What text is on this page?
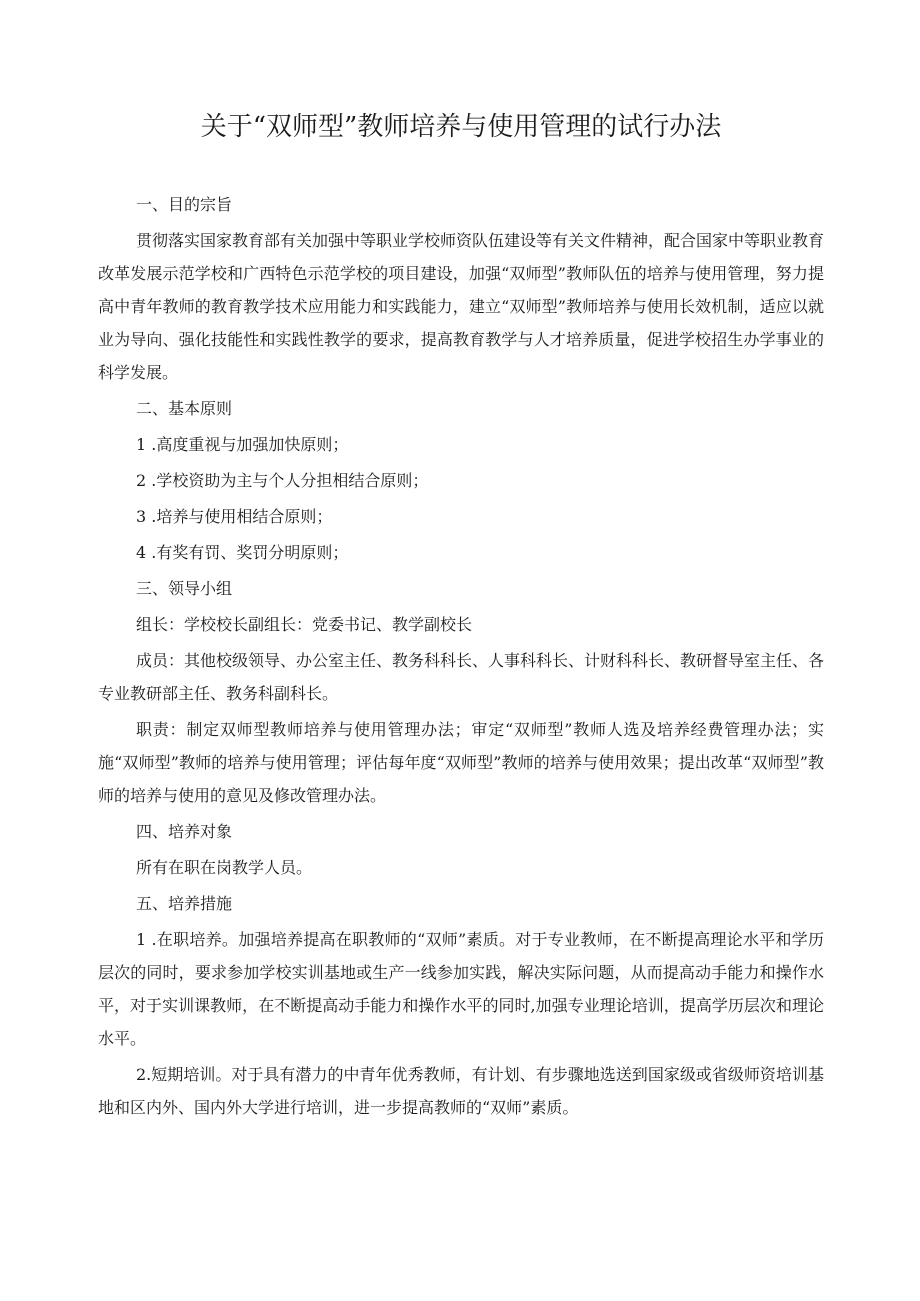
关于“双师型”教师培养与使用管理的试行办法

一、目的宗旨

贯彻落实国家教育部有关加强中等职业学校师资队伍建设等有关文件精神，配合国家中等职业教育改革发展示范学校和广西特色示范学校的项目建设，加强“双师型”教师队伍的培养与使用管理，努力提高中青年教师的教育教学技术应用能力和实践能力，建立“双师型”教师培养与使用长效机制，适应以就业为导向、强化技能性和实践性教学的要求，提高教育教学与人才培养质量，促进学校招生办学事业的科学发展。

二、基本原则

1 .高度重视与加强加快原则；

2 .学校资助为主与个人分担相结合原则；

3 .培养与使用相结合原则；

4 .有奖有罚、奖罚分明原则；

三、领导小组

组长：学校校长副组长：党委书记、教学副校长

成员：其他校级领导、办公室主任、教务科科长、人事科科长、计财科科长、教研督导室主任、各专业教研部主任、教务科副科长。

职责：制定双师型教师培养与使用管理办法；审定“双师型”教师人选及培养经费管理办法；实施“双师型”教师的培养与使用管理；评估每年度“双师型”教师的培养与使用效果；提出改革“双师型”教师的培养与使用的意见及修改管理办法。

四、培养对象

所有在职在岗教学人员。

五、培养措施

1 .在职培养。加强培养提高在职教师的“双师”素质。对于专业教师，在不断提高理论水平和学历层次的同时，要求参加学校实训基地或生产一线参加实践，解决实际问题，从而提高动手能力和操作水平，对于实训课教师，在不断提高动手能力和操作水平的同时,加强专业理论培训，提高学历层次和理论水平。

2.短期培训。对于具有潜力的中青年优秀教师，有计划、有步骤地选送到国家级或省级师资培训基地和区内外、国内外大学进行培训，进一步提高教师的“双师”素质。
